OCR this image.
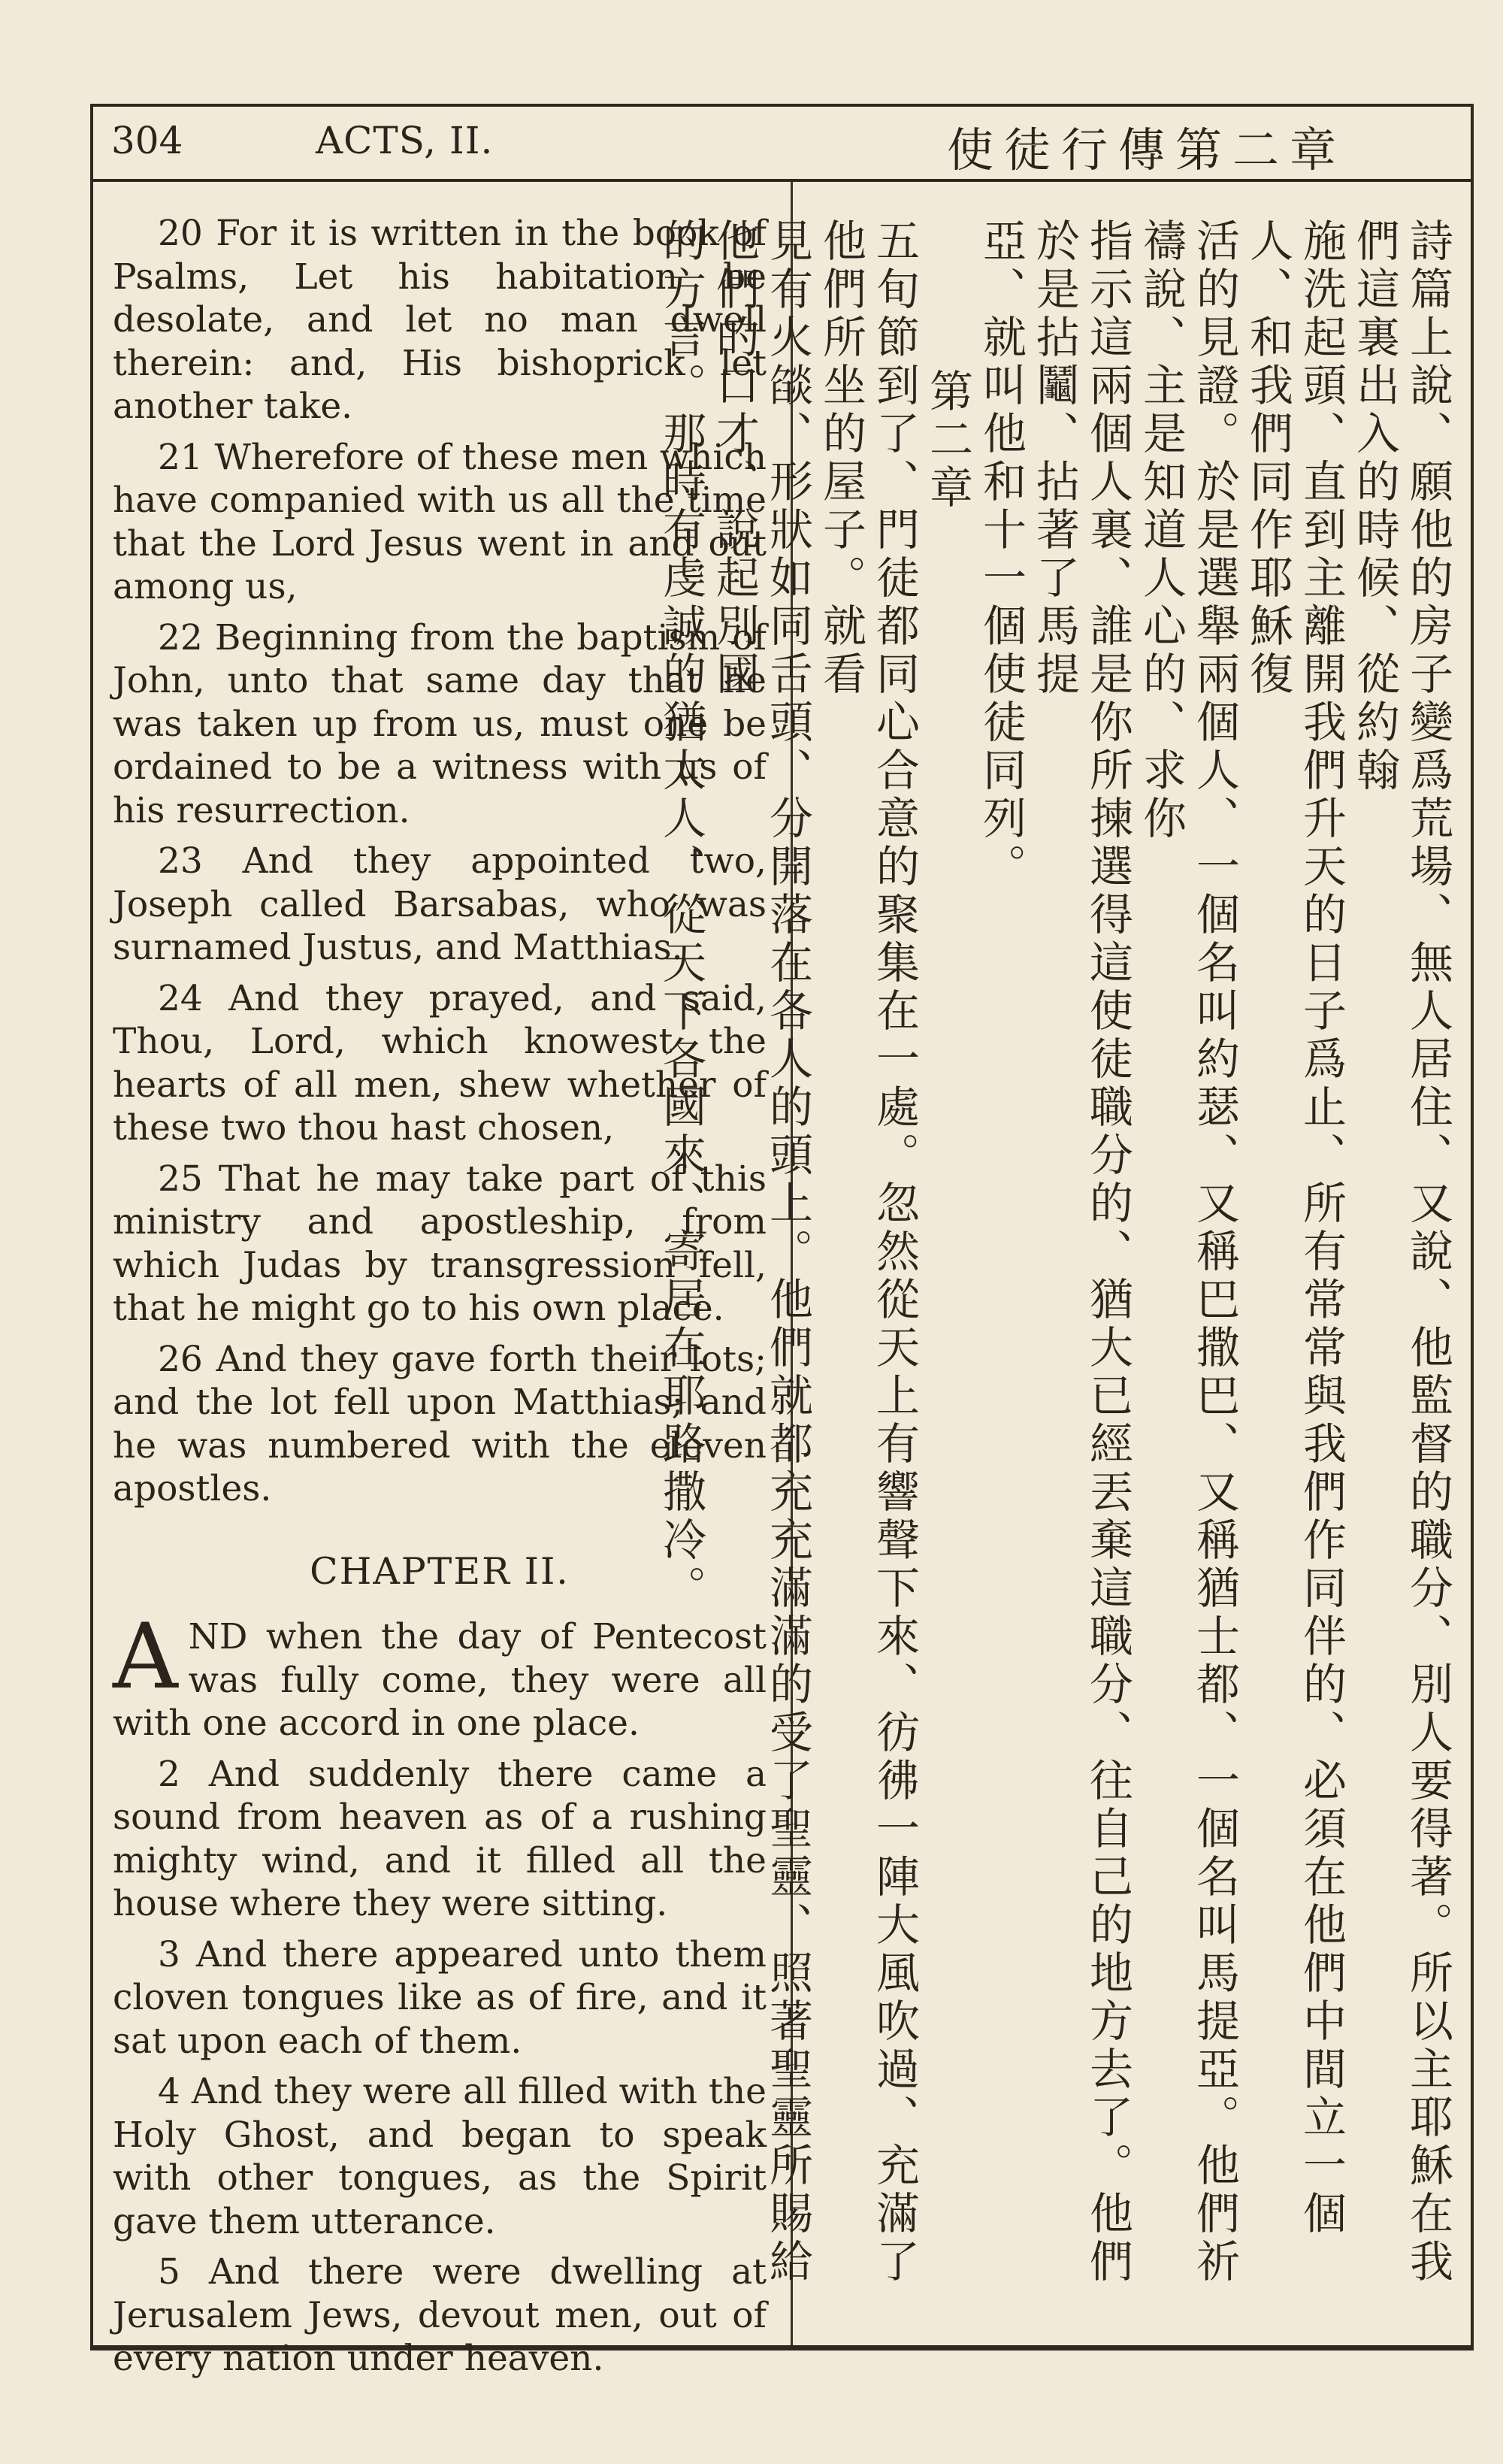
304	ACTS, II.	使徒行傳第二章

20 For it is written in the book of Psalms, Let his habitation be desolate, and let no man dwell therein: and, His bishoprick let another take.

21 Wherefore of these men which have companied with us all the time that the Lord Jesus went in and out among us,

22 Beginning from the baptism of John, unto that same day that he was taken up from us, must one be ordained to be a witness with us of his resurrection.

23 And they appointed two, Joseph called Barsabas, who was surnamed Justus, and Matthias.

24 And they prayed, and said, Thou, Lord, which knowest the hearts of all men, shew whether of these two thou hast chosen,

25 That he may take part of this ministry and apostleship, from which Judas by transgression fell, that he might go to his own place.

26 And they gave forth their lots; and the lot fell upon Matthias; and he was numbered with the eleven apostles.

CHAPTER II.

AND when the day of Pentecost was fully come, they were all with one accord in one place.

2 And suddenly there came a sound from heaven as of a rushing mighty wind, and it filled all the house where they were sitting.

3 And there appeared unto them cloven tongues like as of fire, and it sat upon each of them.

4 And they were all filled with the Holy Ghost, and began to speak with other tongues, as the Spirit gave them utterance.

5 And there were dwelling at Jerusalem Jews, devout men, out of every nation under heaven.

詩篇上說、願他的房子變爲荒場、無人居住、又說、他監督的職分、別人要得著。所以主耶穌在我們這裏出入的時候、從約翰

施洗起頭、直到主離開我們升天的日子爲止、所有常常與我們作同伴的、必須在他們中間立一個人、和我們同作耶穌復

活的見證。於是選舉兩個人、一個名叫約瑟、又稱巴撒巴、又稱猶士都、一個名叫馬提亞。他們祈禱說、主是知道人心的、求你

指示這兩個人裏、誰是你所揀選得這使徒職分的、猶大已經丟棄這職分、往自己的地方去了。他們於是拈鬮、拈著了馬提

亞、就叫他和十一個使徒同列。

第二章

五旬節到了、門徒都同心合意的聚集在一處。忽然從天上有響聲下來、彷彿一陣大風吹過、充滿了他們所坐的屋子。就看

見有火燄、形狀如同舌頭、分開落在各人的頭上。他們就都充充滿滿的受了聖靈、照著聖靈所賜給他們的口才、說起別國

的方言。那時有虔誠的猶太人、從天下各國來、寄居在耶路撒冷。
